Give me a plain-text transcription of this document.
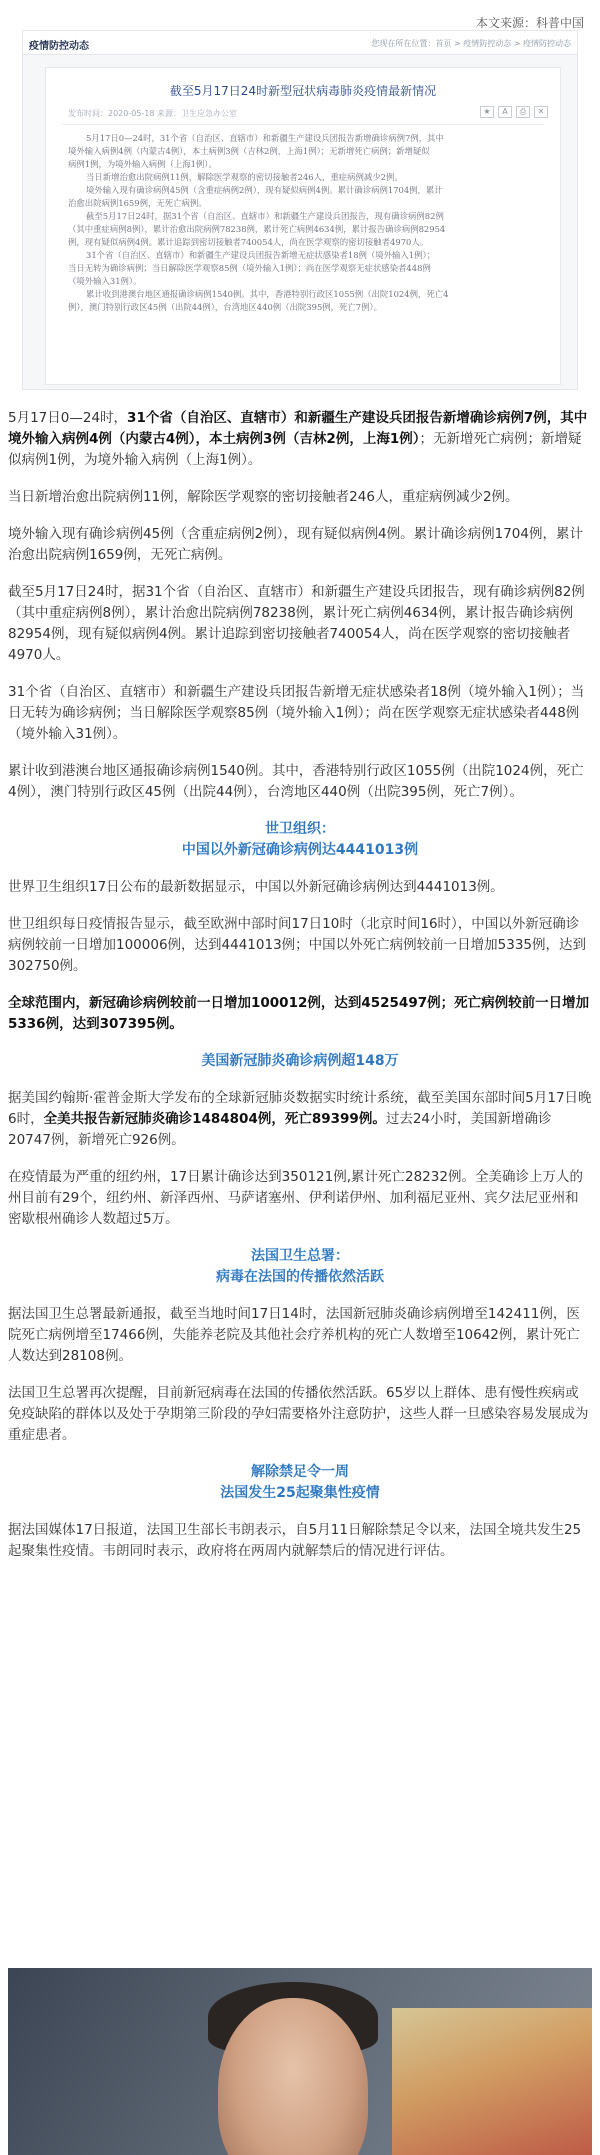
本文来源：科普中国
疫情防控动态	您现在所在位置：首页 > 疫情防控动态 > 疫情防控动态
截至5月17日24时新型冠状病毒肺炎疫情最新情况
发布时间：2020-05-18 来源：卫生应急办公室	★	A	⎙	✕
5月17日0—24时，31个省（自治区、直辖市）和新疆生产建设兵团报告新增确诊病例7例，其中
境外输入病例4例（内蒙古4例），本土病例3例（吉林2例，上海1例）；无新增死亡病例；新增疑似
病例1例，为境外输入病例（上海1例）。
当日新增治愈出院病例11例，解除医学观察的密切接触者246人，重症病例减少2例。
境外输入现有确诊病例45例（含重症病例2例），现有疑似病例4例。累计确诊病例1704例，累计
治愈出院病例1659例，无死亡病例。
截至5月17日24时，据31个省（自治区、直辖市）和新疆生产建设兵团报告，现有确诊病例82例
（其中重症病例8例），累计治愈出院病例78238例，累计死亡病例4634例，累计报告确诊病例82954
例，现有疑似病例4例。累计追踪到密切接触者740054人，尚在医学观察的密切接触者4970人。
31个省（自治区、直辖市）和新疆生产建设兵团报告新增无症状感染者18例（境外输入1例）；
当日无转为确诊病例；当日解除医学观察85例（境外输入1例）；尚在医学观察无症状感染者448例
（境外输入31例）。
累计收到港澳台地区通报确诊病例1540例。其中，香港特别行政区1055例（出院1024例，死亡4
例），澳门特别行政区45例（出院44例），台湾地区440例（出院395例，死亡7例）。

5月17日0—24时，31个省（自治区、直辖市）和新疆生产建设兵团报告新增确诊病例7例，其中境外输入病例4例（内蒙古4例），本土病例3例（吉林2例，上海1例）；无新增死亡病例；新增疑似病例1例，为境外输入病例（上海1例）。

当日新增治愈出院病例11例，解除医学观察的密切接触者246人，重症病例减少2例。

境外输入现有确诊病例45例（含重症病例2例），现有疑似病例4例。累计确诊病例1704例，累计治愈出院病例1659例，无死亡病例。

截至5月17日24时，据31个省（自治区、直辖市）和新疆生产建设兵团报告，现有确诊病例82例（其中重症病例8例），累计治愈出院病例78238例，累计死亡病例4634例，累计报告确诊病例82954例，现有疑似病例4例。累计追踪到密切接触者740054人，尚在医学观察的密切接触者4970人。

31个省（自治区、直辖市）和新疆生产建设兵团报告新增无症状感染者18例（境外输入1例）；当日无转为确诊病例；当日解除医学观察85例（境外输入1例）；尚在医学观察无症状感染者448例（境外输入31例）。

累计收到港澳台地区通报确诊病例1540例。其中，香港特别行政区1055例（出院1024例，死亡4例），澳门特别行政区45例（出院44例），台湾地区440例（出院395例，死亡7例）。

世卫组织：
中国以外新冠确诊病例达4441013例

世界卫生组织17日公布的最新数据显示，中国以外新冠确诊病例达到4441013例。

世卫组织每日疫情报告显示，截至欧洲中部时间17日10时（北京时间16时），中国以外新冠确诊病例较前一日增加100006例，达到4441013例；中国以外死亡病例较前一日增加5335例，达到302750例。

全球范围内，新冠确诊病例较前一日增加100012例，达到4525497例；死亡病例较前一日增加5336例，达到307395例。

美国新冠肺炎确诊病例超148万

据美国约翰斯·霍普金斯大学发布的全球新冠肺炎数据实时统计系统，截至美国东部时间5月17日晚6时，全美共报告新冠肺炎确诊1484804例，死亡89399例。过去24小时，美国新增确诊20747例，新增死亡926例。

在疫情最为严重的纽约州，17日累计确诊达到350121例,累计死亡28232例。全美确诊上万人的州目前有29个，纽约州、新泽西州、马萨诸塞州、伊利诺伊州、加利福尼亚州、宾夕法尼亚州和密歇根州确诊人数超过5万。

法国卫生总署：
病毒在法国的传播依然活跃

据法国卫生总署最新通报，截至当地时间17日14时，法国新冠肺炎确诊病例增至142411例，医院死亡病例增至17466例，失能养老院及其他社会疗养机构的死亡人数增至10642例，累计死亡人数达到28108例。

法国卫生总署再次提醒，目前新冠病毒在法国的传播依然活跃。65岁以上群体、患有慢性疾病或免疫缺陷的群体以及处于孕期第三阶段的孕妇需要格外注意防护，这些人群一旦感染容易发展成为重症患者。

解除禁足令一周
法国发生25起聚集性疫情

据法国媒体17日报道，法国卫生部长韦朗表示，自5月11日解除禁足令以来，法国全境共发生25起聚集性疫情。韦朗同时表示，政府将在两周内就解禁后的情况进行评估。
